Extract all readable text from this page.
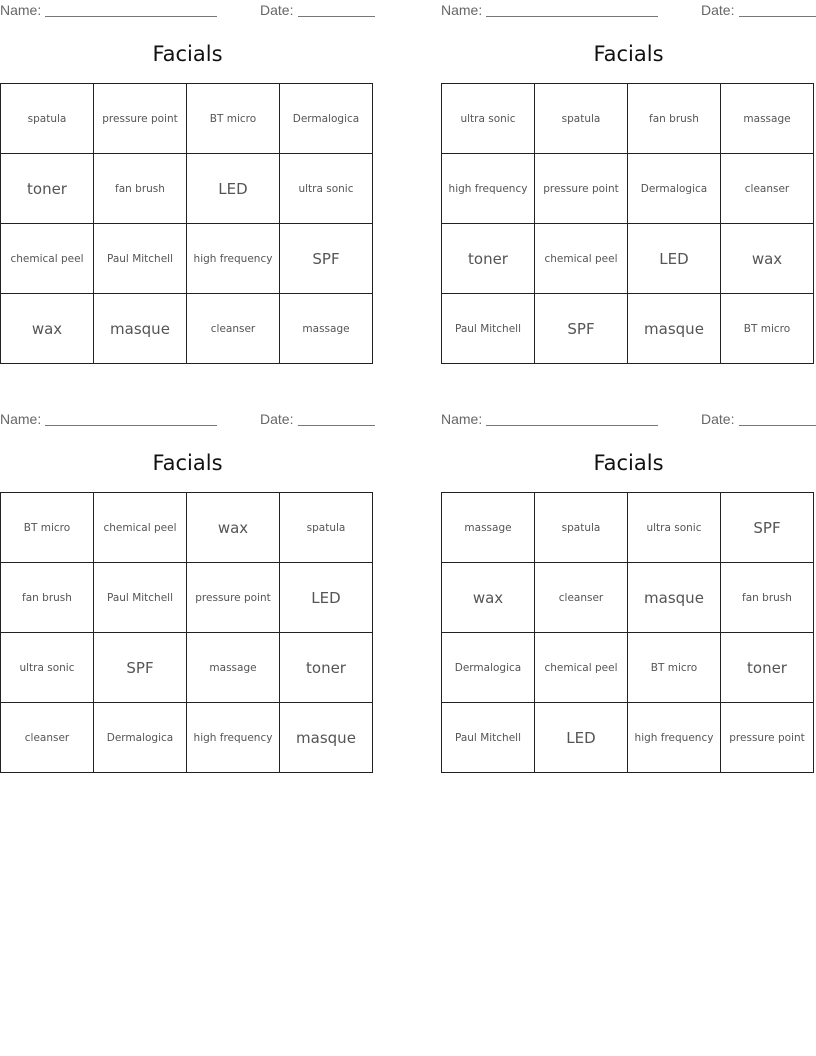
Name:	Date:
Facials
spatula	pressure point	BT micro	Dermalogica
toner	fan brush	LED	ultra sonic
chemical peel	Paul Mitchell	high frequency	SPF
wax	masque	cleanser	massage
Name:	Date:
Facials
ultra sonic	spatula	fan brush	massage
high frequency	pressure point	Dermalogica	cleanser
toner	chemical peel	LED	wax
Paul Mitchell	SPF	masque	BT micro
Name:	Date:
Facials
BT micro	chemical peel	wax	spatula
fan brush	Paul Mitchell	pressure point	LED
ultra sonic	SPF	massage	toner
cleanser	Dermalogica	high frequency	masque
Name:	Date:
Facials
massage	spatula	ultra sonic	SPF
wax	cleanser	masque	fan brush
Dermalogica	chemical peel	BT micro	toner
Paul Mitchell	LED	high frequency	pressure point
